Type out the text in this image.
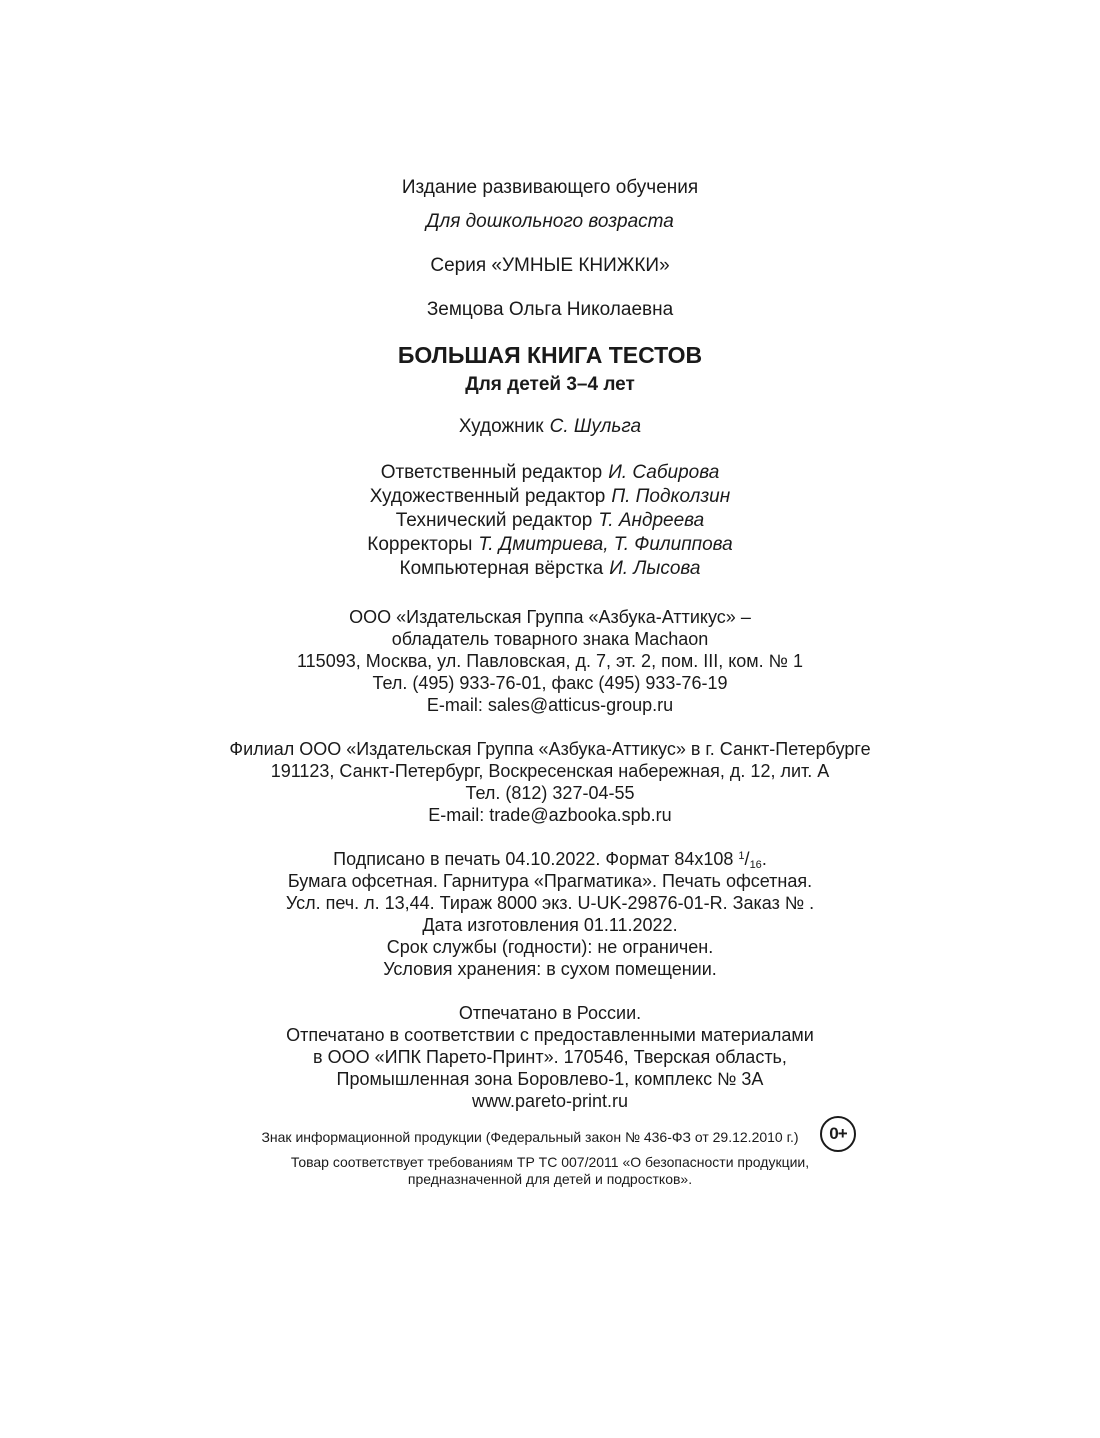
Издание развивающего обучения

Для дошкольного возраста

Серия «УМНЫЕ КНИЖКИ»

Земцова Ольга Николаевна

БОЛЬШАЯ КНИГА ТЕСТОВ

Для детей 3–4 лет

Художник С. Шульга

Ответственный редактор И. Сабирова

Художественный редактор П. Подколзин

Технический редактор Т. Андреева

Корректоры Т. Дмитриева, Т. Филиппова

Компьютерная вёрстка И. Лысова

ООО «Издательская Группа «Азбука-Аттикус» –

обладатель товарного знака Machaon

115093, Москва, ул. Павловская, д. 7, эт. 2, пом. III, ком. № 1

Тел. (495) 933-76-01, факс (495) 933-76-19

E-mail: sales@atticus-group.ru

Филиал ООО «Издательская Группа «Азбука-Аттикус» в г. Санкт-Петербурге

191123, Санкт-Петербург, Воскресенская набережная, д. 12, лит. А

Тел. (812) 327-04-55

E-mail: trade@azbooka.spb.ru

Подписано в печать 04.10.2022. Формат 84x108 $^1/_{16}$.

Бумага офсетная. Гарнитура «Прагматика». Печать офсетная.

Усл. печ. л. 13,44. Тираж 8000 экз. U-UK-29876-01-R. Заказ № .

Дата изготовления 01.11.2022.

Срок службы (годности): не ограничен.

Условия хранения: в сухом помещении.

Отпечатано в России.

Отпечатано в соответствии с предоставленными материалами

в ООО «ИПК Парето-Принт». 170546, Тверская область,

Промышленная зона Боровлево-1, комплекс № 3А

www.pareto-print.ru

Знак информационной продукции (Федеральный закон № 436-ФЗ от 29.12.2010 г.)	0+

Товар соответствует требованиям ТР ТС 007/2011 «О безопасности продукции,

предназначенной для детей и подростков».
